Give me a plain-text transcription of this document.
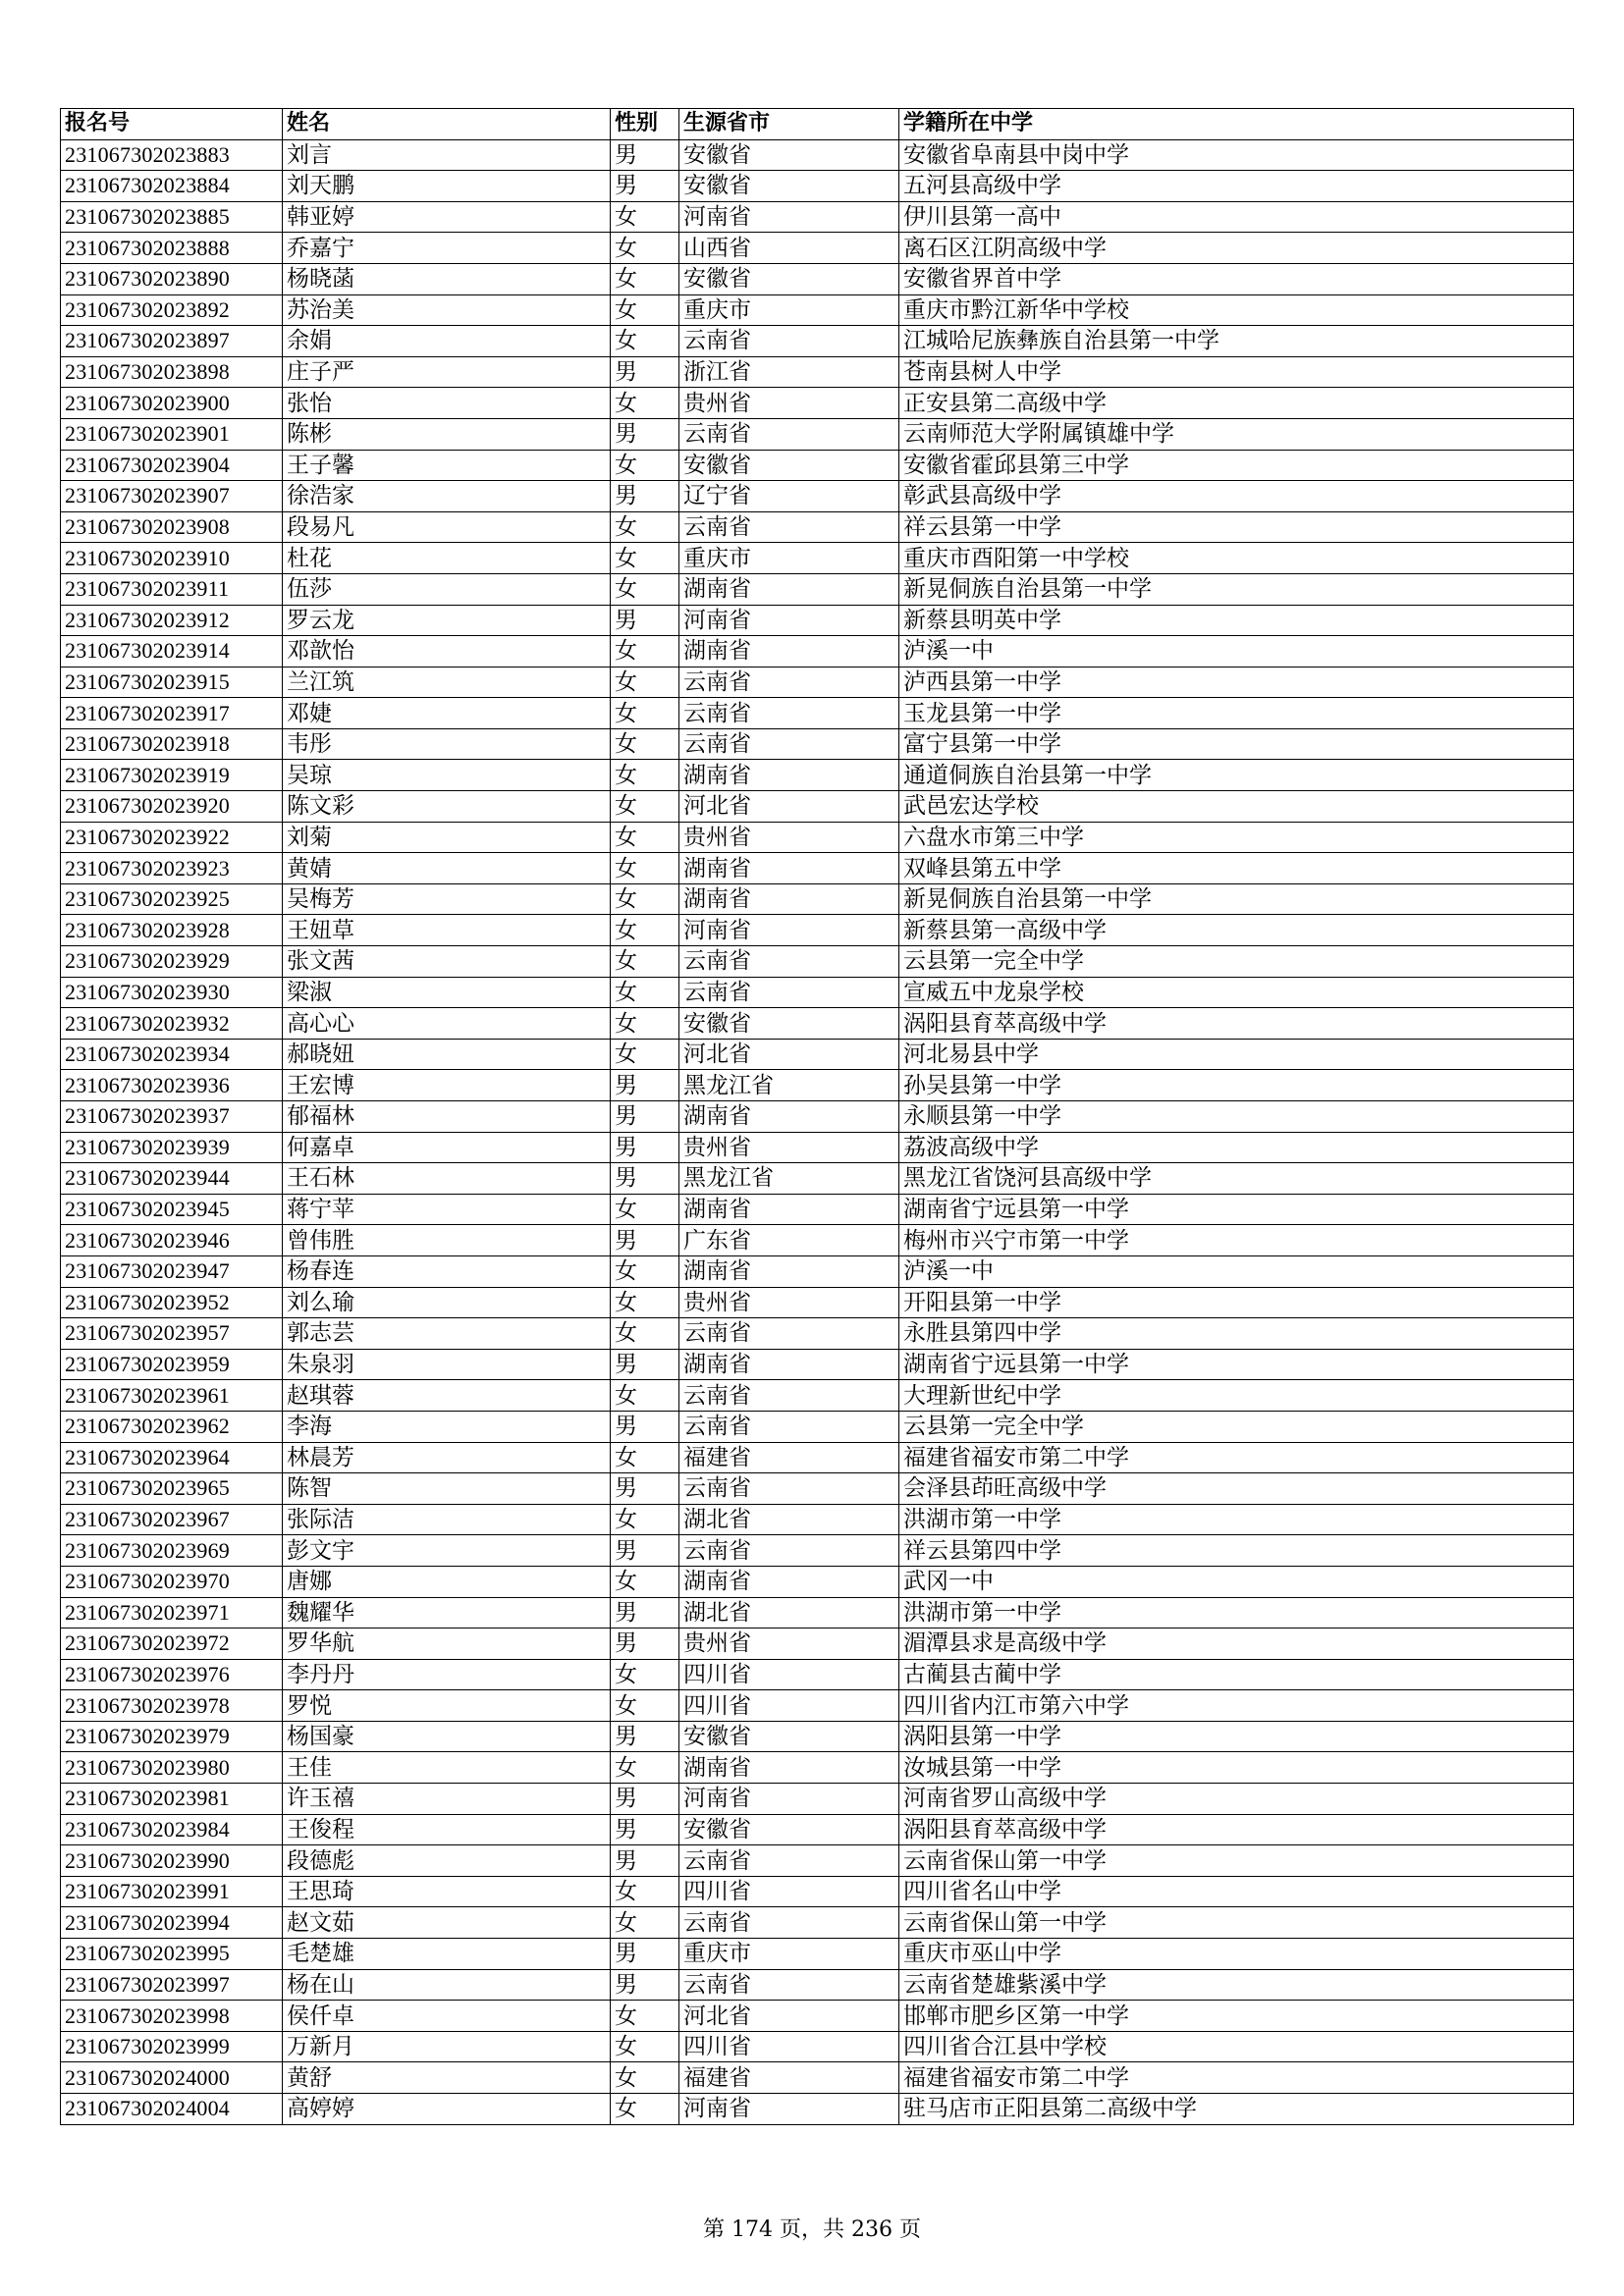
报名号	姓名	性别	生源省市	学籍所在中学
231067302023883	刘言	男	安徽省	安徽省阜南县中岗中学
231067302023884	刘天鹏	男	安徽省	五河县高级中学
231067302023885	韩亚婷	女	河南省	伊川县第一高中
231067302023888	乔嘉宁	女	山西省	离石区江阴高级中学
231067302023890	杨晓菡	女	安徽省	安徽省界首中学
231067302023892	苏治美	女	重庆市	重庆市黔江新华中学校
231067302023897	余娟	女	云南省	江城哈尼族彝族自治县第一中学
231067302023898	庄子严	男	浙江省	苍南县树人中学
231067302023900	张怡	女	贵州省	正安县第二高级中学
231067302023901	陈彬	男	云南省	云南师范大学附属镇雄中学
231067302023904	王子馨	女	安徽省	安徽省霍邱县第三中学
231067302023907	徐浩家	男	辽宁省	彰武县高级中学
231067302023908	段易凡	女	云南省	祥云县第一中学
231067302023910	杜花	女	重庆市	重庆市酉阳第一中学校
231067302023911	伍莎	女	湖南省	新晃侗族自治县第一中学
231067302023912	罗云龙	男	河南省	新蔡县明英中学
231067302023914	邓歆怡	女	湖南省	泸溪一中
231067302023915	兰江筑	女	云南省	泸西县第一中学
231067302023917	邓婕	女	云南省	玉龙县第一中学
231067302023918	韦彤	女	云南省	富宁县第一中学
231067302023919	吴琼	女	湖南省	通道侗族自治县第一中学
231067302023920	陈文彩	女	河北省	武邑宏达学校
231067302023922	刘菊	女	贵州省	六盘水市第三中学
231067302023923	黄婧	女	湖南省	双峰县第五中学
231067302023925	吴梅芳	女	湖南省	新晃侗族自治县第一中学
231067302023928	王妞草	女	河南省	新蔡县第一高级中学
231067302023929	张文茜	女	云南省	云县第一完全中学
231067302023930	梁淑	女	云南省	宣威五中龙泉学校
231067302023932	高心心	女	安徽省	涡阳县育萃高级中学
231067302023934	郝晓妞	女	河北省	河北易县中学
231067302023936	王宏博	男	黑龙江省	孙吴县第一中学
231067302023937	郁福林	男	湖南省	永顺县第一中学
231067302023939	何嘉卓	男	贵州省	荔波高级中学
231067302023944	王石林	男	黑龙江省	黑龙江省饶河县高级中学
231067302023945	蒋宁苹	女	湖南省	湖南省宁远县第一中学
231067302023946	曾伟胜	男	广东省	梅州市兴宁市第一中学
231067302023947	杨春连	女	湖南省	泸溪一中
231067302023952	刘么瑜	女	贵州省	开阳县第一中学
231067302023957	郭志芸	女	云南省	永胜县第四中学
231067302023959	朱泉羽	男	湖南省	湖南省宁远县第一中学
231067302023961	赵琪蓉	女	云南省	大理新世纪中学
231067302023962	李海	男	云南省	云县第一完全中学
231067302023964	林晨芳	女	福建省	福建省福安市第二中学
231067302023965	陈智	男	云南省	会泽县茚旺高级中学
231067302023967	张际洁	女	湖北省	洪湖市第一中学
231067302023969	彭文宇	男	云南省	祥云县第四中学
231067302023970	唐娜	女	湖南省	武冈一中
231067302023971	魏耀华	男	湖北省	洪湖市第一中学
231067302023972	罗华航	男	贵州省	湄潭县求是高级中学
231067302023976	李丹丹	女	四川省	古蔺县古蔺中学
231067302023978	罗悦	女	四川省	四川省内江市第六中学
231067302023979	杨国豪	男	安徽省	涡阳县第一中学
231067302023980	王佳	女	湖南省	汝城县第一中学
231067302023981	许玉禧	男	河南省	河南省罗山高级中学
231067302023984	王俊程	男	安徽省	涡阳县育萃高级中学
231067302023990	段德彪	男	云南省	云南省保山第一中学
231067302023991	王思琦	女	四川省	四川省名山中学
231067302023994	赵文茹	女	云南省	云南省保山第一中学
231067302023995	毛楚雄	男	重庆市	重庆市巫山中学
231067302023997	杨在山	男	云南省	云南省楚雄紫溪中学
231067302023998	侯仟卓	女	河北省	邯郸市肥乡区第一中学
231067302023999	万新月	女	四川省	四川省合江县中学校
231067302024000	黄舒	女	福建省	福建省福安市第二中学
231067302024004	高婷婷	女	河南省	驻马店市正阳县第二高级中学
第 174 页，共 236 页
